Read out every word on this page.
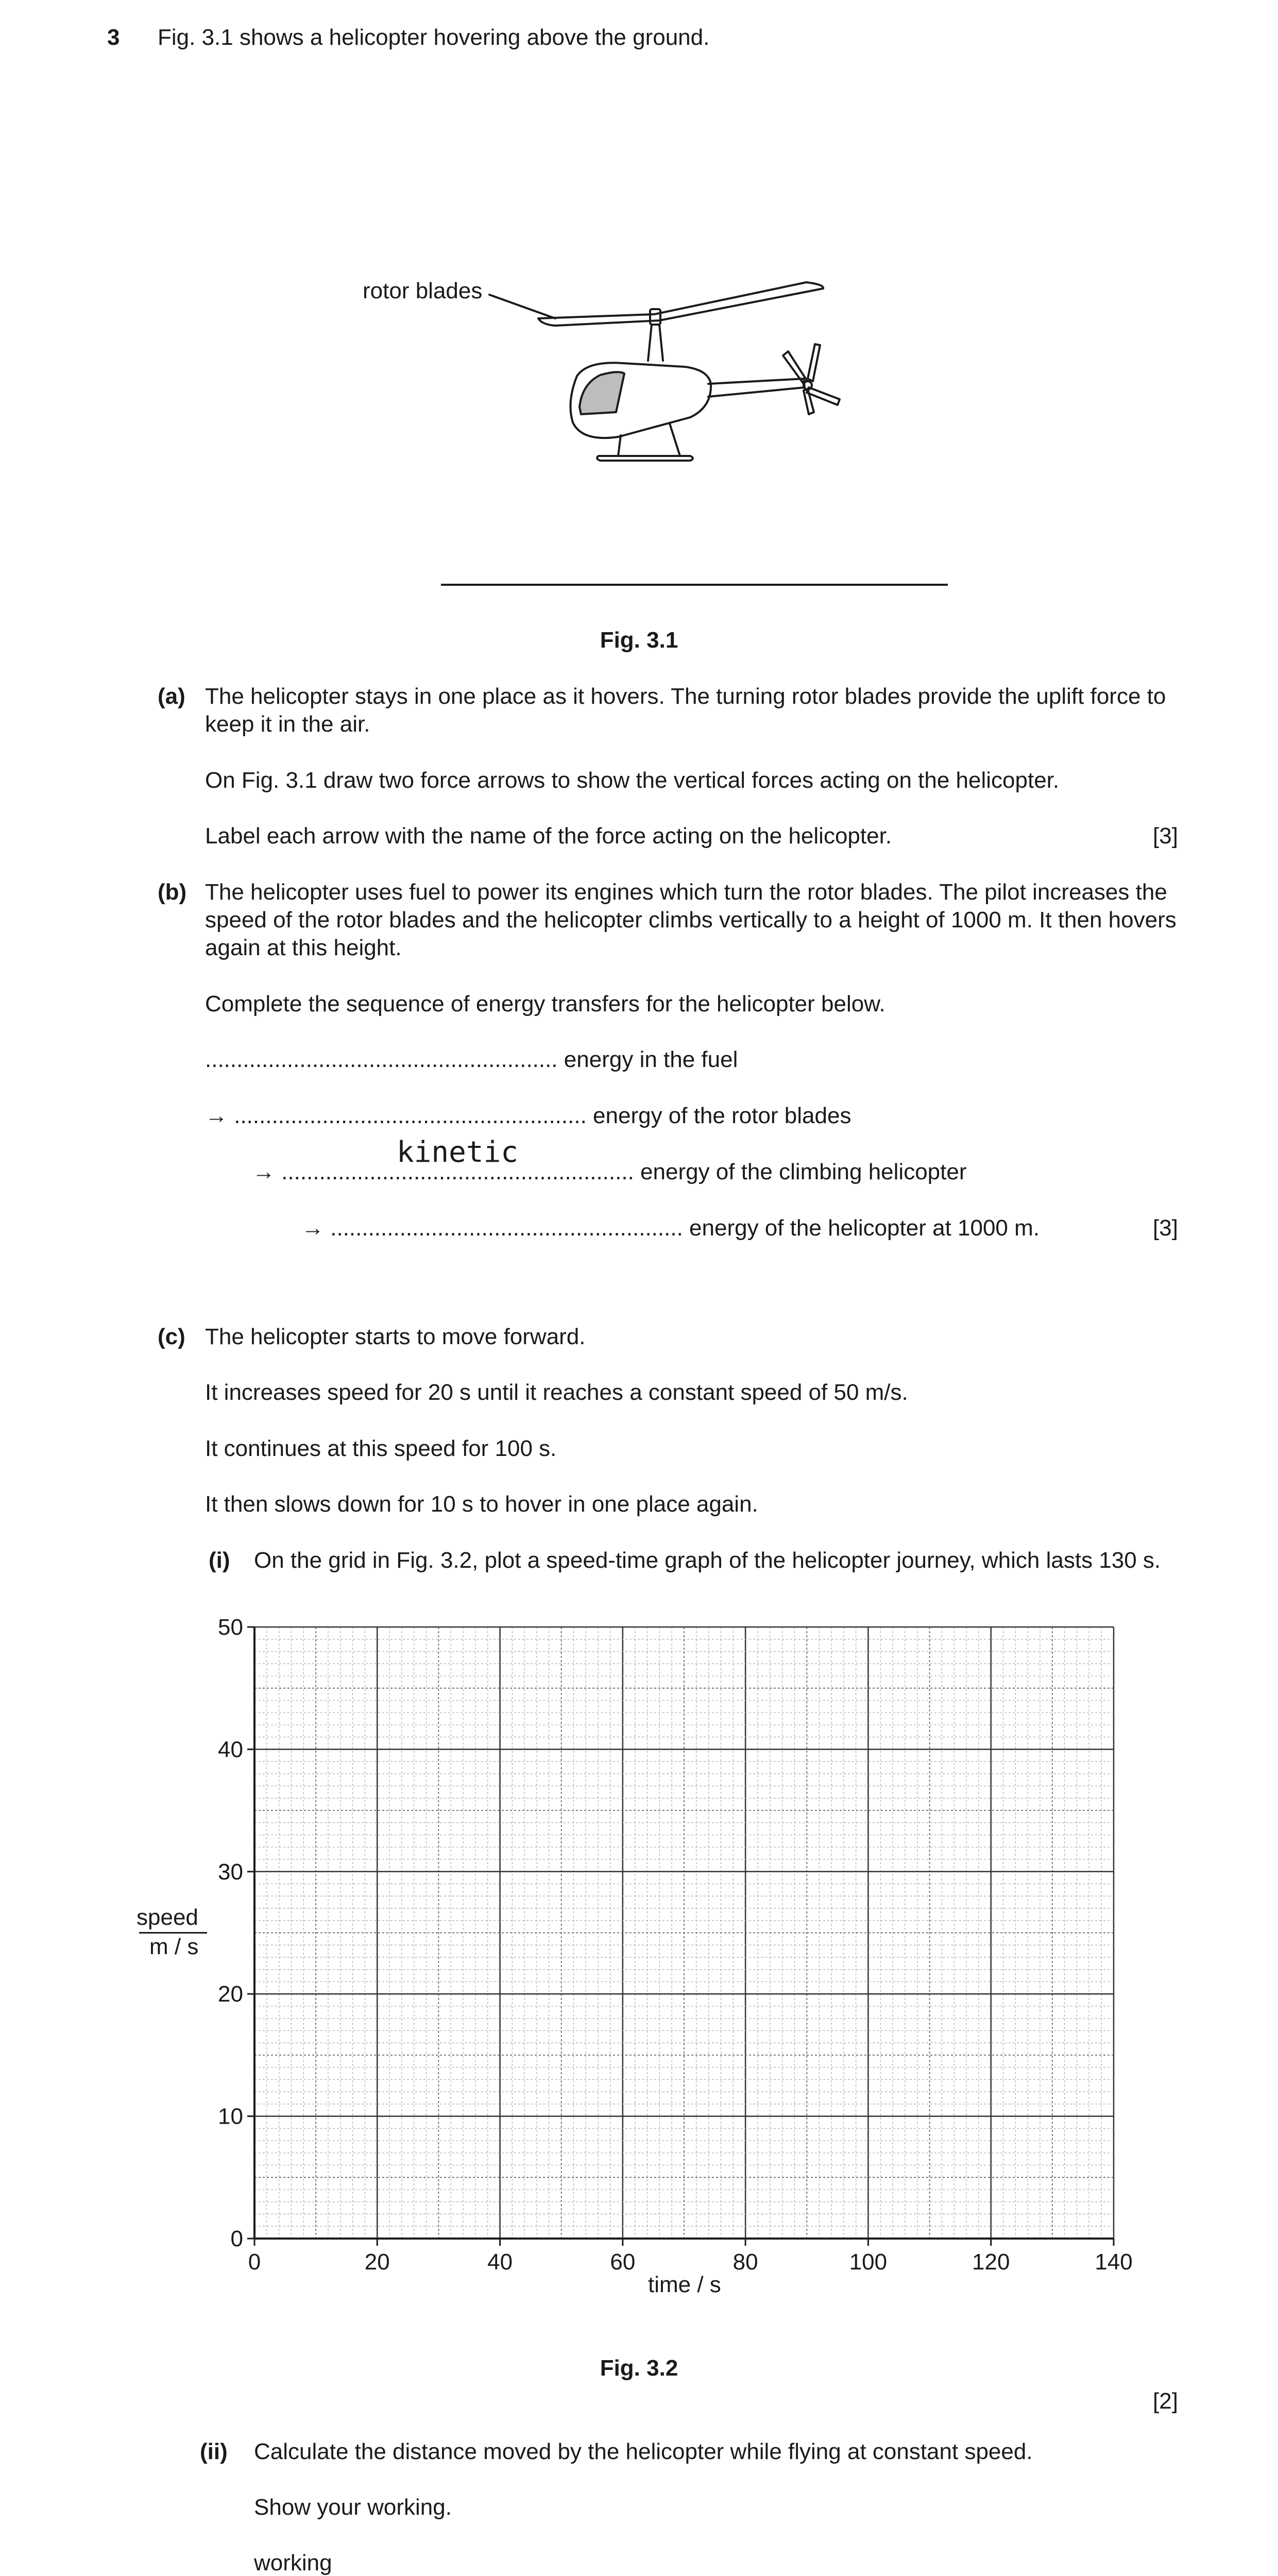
3 Fig. 3.1 shows a helicopter hovering above the ground.
rotor blades
Fig. 3.1
(a) The helicopter stays in one place as it hovers. The turning rotor blades provide the uplift force to keep it in the air.
On Fig. 3.1 draw two force arrows to show the vertical forces acting on the helicopter.
Label each arrow with the name of the force acting on the helicopter.	[3]
(b) The helicopter uses fuel to power its engines which turn the rotor blades. The pilot increases the speed of the rotor blades and the helicopter climbs vertically to a height of 1000 m. It then hovers again at this height.
Complete the sequence of energy transfers for the helicopter below.
........................................................ energy in the fuel
→ ........................................................ energy of the rotor blades
kinetic
→ ........................................................ energy of the climbing helicopter
→ ........................................................ energy of the helicopter at 1000 m.	[3]
(c) The helicopter starts to move forward.
It increases speed for 20 s until it reaches a constant speed of 50 m/s.
It continues at this speed for 100 s.
It then slows down for 10 s to hover in one place again.
(i) On the grid in Fig. 3.2, plot a speed-time graph of the helicopter journey, which lasts 130 s.
0	20	40	60	80	100	120	140
0
10
20
30
40
50
speed
m / s
time / s
Fig. 3.2
[2]
(ii) Calculate the distance moved by the helicopter while flying at constant speed.
Show your working.
working
